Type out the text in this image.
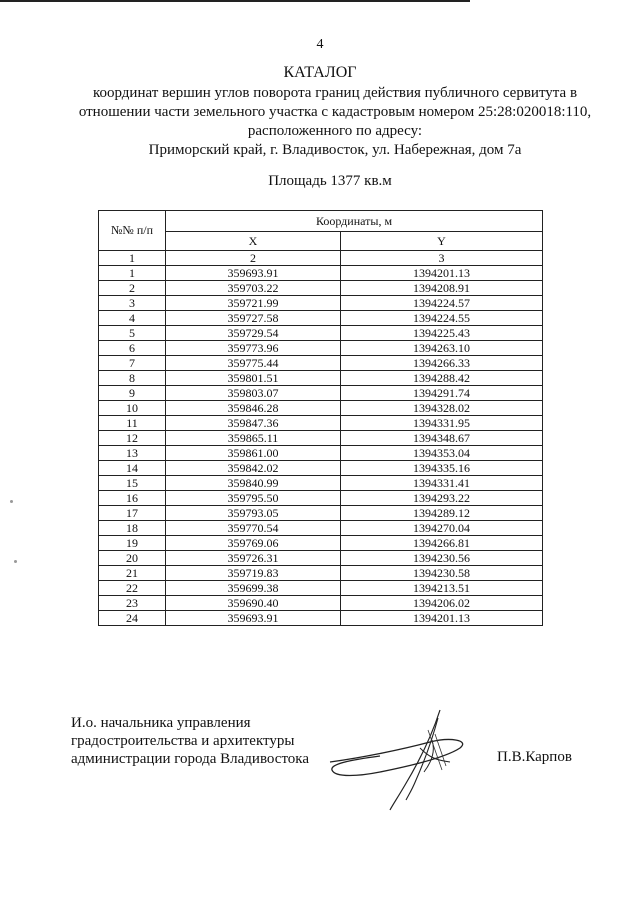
4
КАТАЛОГ
координат вершин углов поворота границ действия публичного сервитута в
отношении части земельного участка с кадастровым номером 25:28:020018:110,
расположенного по адресу:
Приморский край, г. Владивосток, ул. Набережная, дом 7а
Площадь 1377 кв.м
№№ п/п	Координаты, м	
	X	Y
1	2	3
1	359693.91	1394201.13
2	359703.22	1394208.91
3	359721.99	1394224.57
4	359727.58	1394224.55
5	359729.54	1394225.43
6	359773.96	1394263.10
7	359775.44	1394266.33
8	359801.51	1394288.42
9	359803.07	1394291.74
10	359846.28	1394328.02
11	359847.36	1394331.95
12	359865.11	1394348.67
13	359861.00	1394353.04
14	359842.02	1394335.16
15	359840.99	1394331.41
16	359795.50	1394293.22
17	359793.05	1394289.12
18	359770.54	1394270.04
19	359769.06	1394266.81
20	359726.31	1394230.56
21	359719.83	1394230.58
22	359699.38	1394213.51
23	359690.40	1394206.02
24	359693.91	1394201.13
И.о. начальника управления
градостроительства и архитектуры
администрации города Владивостока	П.В.Карпов
